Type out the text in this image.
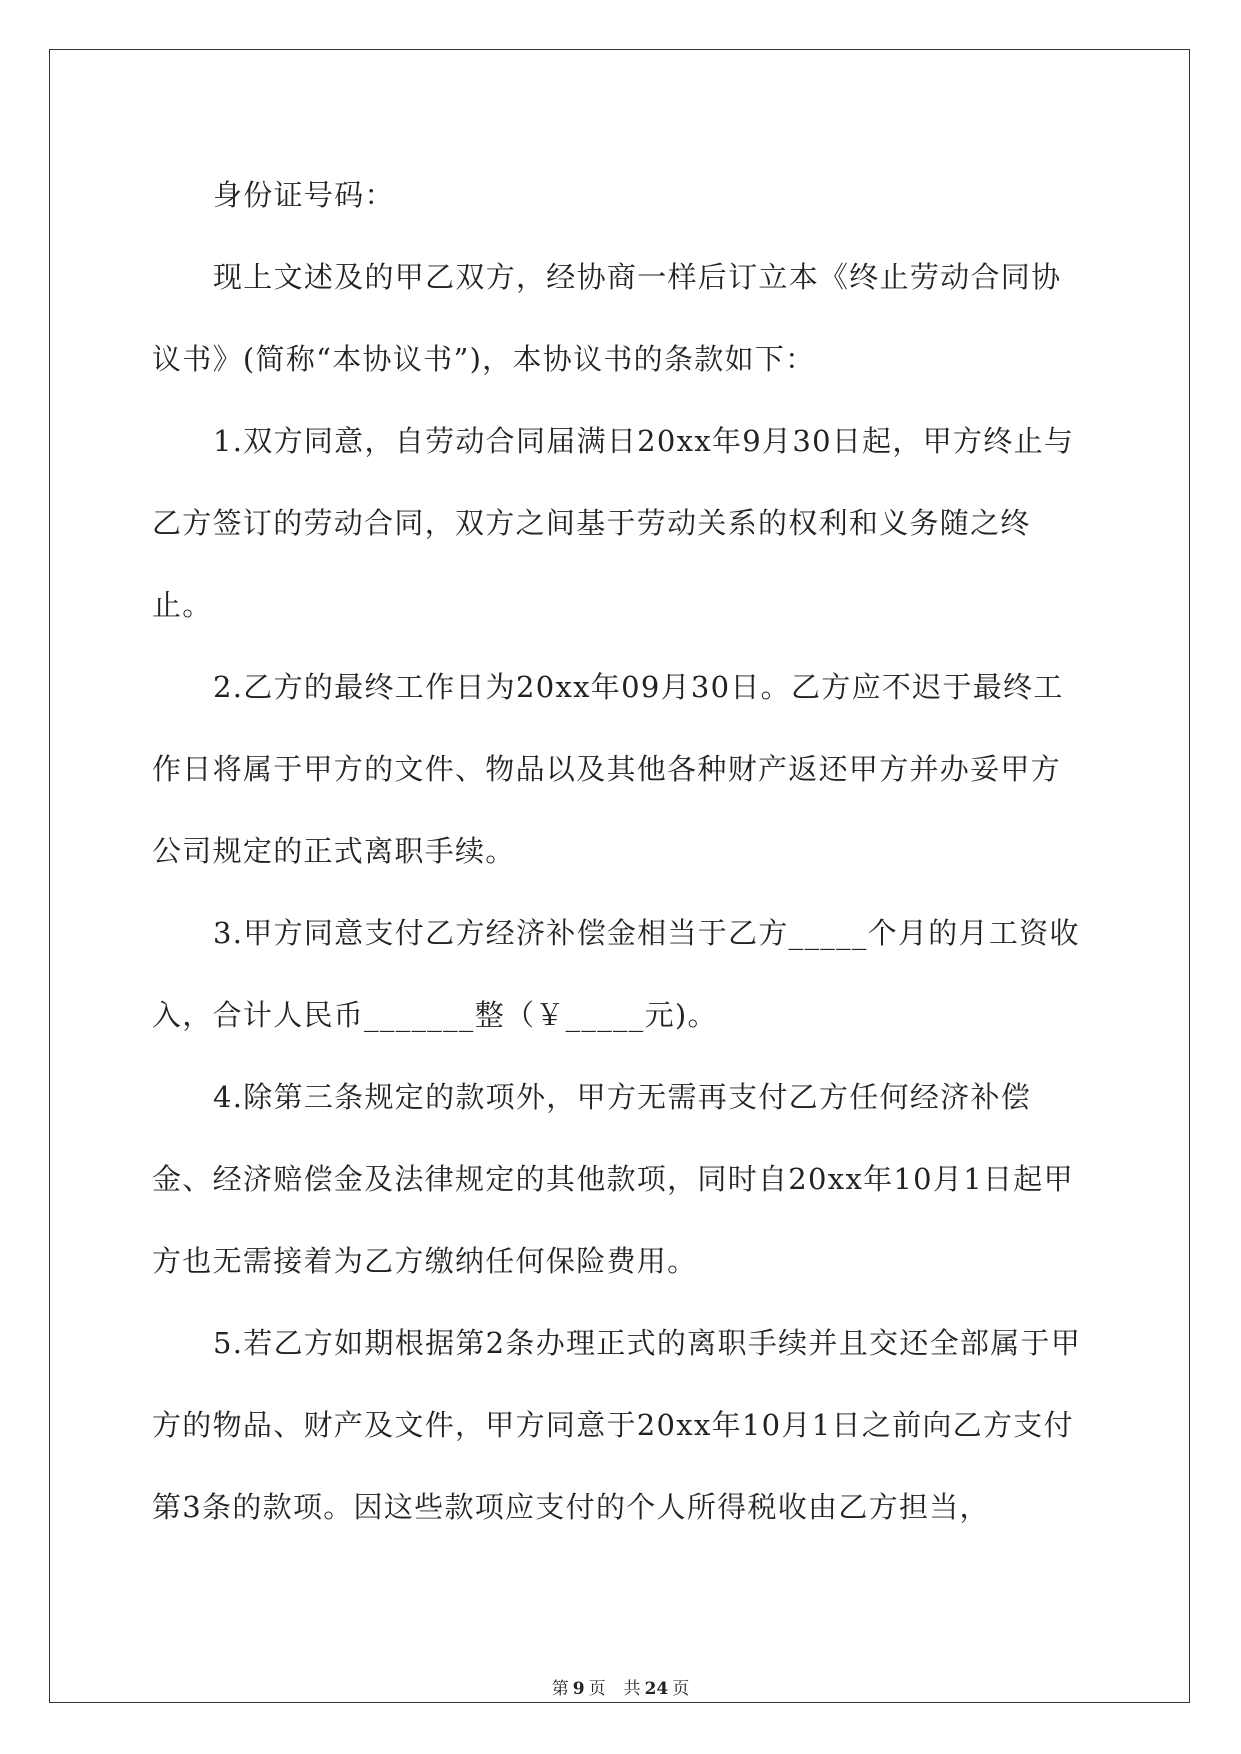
身份证号码：

现上文述及的甲乙双方，经协商一样后订立本《终止劳动合同协议书》(简称“本协议书”)，本协议书的条款如下：

1.双方同意，自劳动合同届满日20xx年9月30日起，甲方终止与乙方签订的劳动合同，双方之间基于劳动关系的权利和义务随之终止。

2.乙方的最终工作日为20xx年09月30日。乙方应不迟于最终工作日将属于甲方的文件、物品以及其他各种财产返还甲方并办妥甲方公司规定的正式离职手续。

3.甲方同意支付乙方经济补偿金相当于乙方_____个月的月工资收入，合计人民币_______整（￥_____元)。

4.除第三条规定的款项外，甲方无需再支付乙方任何经济补偿金、经济赔偿金及法律规定的其他款项，同时自20xx年10月1日起甲方也无需接着为乙方缴纳任何保险费用。

5.若乙方如期根据第2条办理正式的离职手续并且交还全部属于甲方的物品、财产及文件，甲方同意于20xx年10月1日之前向乙方支付第3条的款项。因这些款项应支付的个人所得税收由乙方担当，

第 9 页 共 24 页
